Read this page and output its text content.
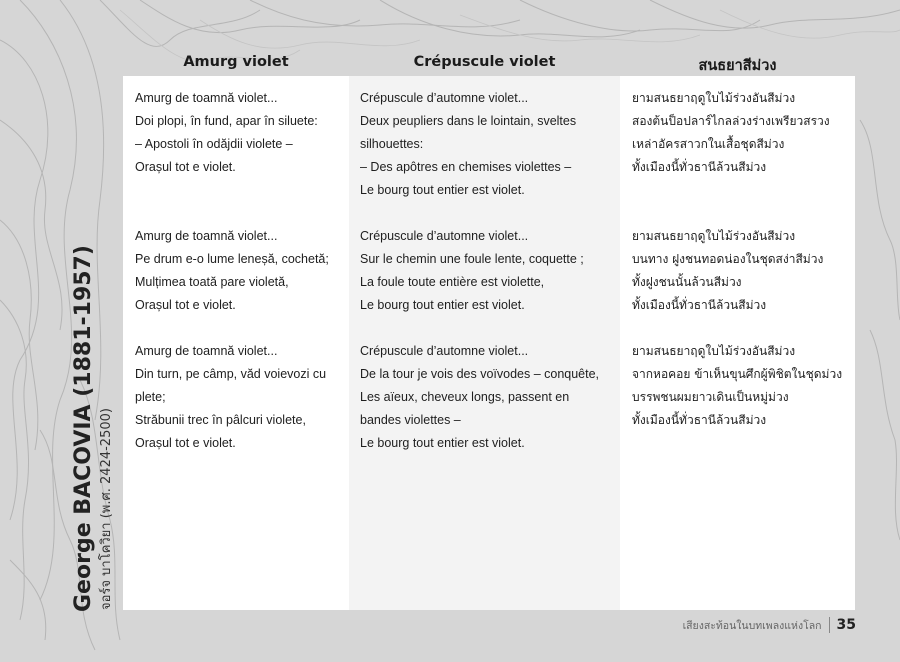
George BACOVIA (1881-1957) จอร์จ บาโควิยา (พ.ศ. 2424-2500)
Amurg violet	Crépuscule violet	สนธยาสีม่วง
Amurg de toamnă violet...
Doi plopi, în fund, apar în siluete:
– Apostoli în odăjdii violete –
Orașul tot e violet.
Amurg de toamnă violet...
Pe drum e-o lume leneșă, cochetă;
Mulțimea toată pare violetă,
Orașul tot e violet.
Amurg de toamnă violet...
Din turn, pe câmp, văd voievozi cu plete;
Străbunii trec în pâlcuri violete,
Orașul tot e violet.
Crépuscule d’automne violet...
Deux peupliers dans le lointain, sveltes silhouettes:
– Des apôtres en chemises violettes –
Le bourg tout entier est violet.
Crépuscule d’automne violet...
Sur le chemin une foule lente, coquette ;
La foule toute entière est violette,
Le bourg tout entier est violet.
Crépuscule d’automne violet...
De la tour je vois des voïvodes – conquête,
Les aïeux, cheveux longs, passent en bandes violettes –
Le bourg tout entier est violet.
ยามสนธยาฤดูใบไม้ร่วงอันสีม่วง
สองต้นป็อปลาร์ไกลล่วงร่างเพรียวสรวง
เหล่าอัครสาวกในเสื้อชุดสีม่วง
ทั้งเมืองนี้ทั่วธานีล้วนสีม่วง
ยามสนธยาฤดูใบไม้ร่วงอันสีม่วง
บนทาง ฝูงชนทอดน่องในชุดสง่าสีม่วง
ทั้งฝูงชนนั้นล้วนสีม่วง
ทั้งเมืองนี้ทั่วธานีล้วนสีม่วง
ยามสนธยาฤดูใบไม้ร่วงอันสีม่วง
จากหอคอย ข้าเห็นขุนศึกผู้พิชิตในชุดม่วง
บรรพชนผมยาวเดินเป็นหมู่ม่วง
ทั้งเมืองนี้ทั่วธานีล้วนสีม่วง
เสียงสะท้อนในบทเพลงแห่งโลก 35
